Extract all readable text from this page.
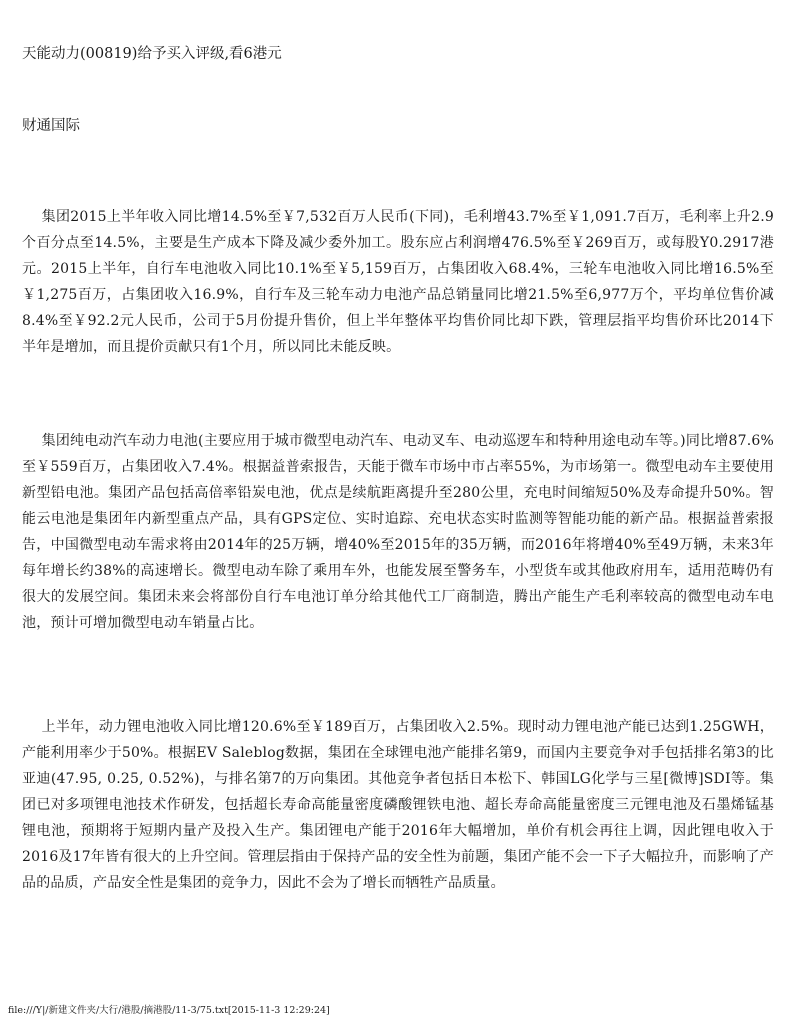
天能动力(00819)给予买入评级,看6港元
财通国际

集团2015上半年收入同比增14.5%至￥7,532百万人民币(下同)，毛利增43.7%至￥1,091.7百万，毛利率上升2.9个百分点至14.5%，主要是生产成本下降及减少委外加工。股东应占利润增476.5%至￥269百万，或每股Y0.2917港元。2015上半年，自行车电池收入同比10.1%至￥5,159百万，占集团收入68.4%，三轮车电池收入同比增16.5%至￥1,275百万，占集团收入16.9%，自行车及三轮车动力电池产品总销量同比增21.5%至6,977万个，平均单位售价减8.4%至￥92.2元人民币，公司于5月份提升售价，但上半年整体平均售价同比却下跌，管理层指平均售价环比2014下半年是增加，而且提价贡献只有1个月，所以同比未能反映。

集团纯电动汽车动力电池(主要应用于城市微型电动汽车、电动叉车、电动巡逻车和特种用途电动车等。)同比增87.6%至￥559百万，占集团收入7.4%。根据益普索报告，天能于微车市场中市占率55%，为市场第一。微型电动车主要使用新型铅电池。集团产品包括高倍率铅炭电池，优点是续航距离提升至280公里，充电时间缩短50%及寿命提升50%。智能云电池是集团年内新型重点产品，具有GPS定位、实时追踪、充电状态实时监测等智能功能的新产品。根据益普索报告，中国微型电动车需求将由2014年的25万辆，增40%至2015年的35万辆，而2016年将增40%至49万辆，未来3年每年增长约38%的高速增长。微型电动车除了乘用车外，也能发展至警务车，小型货车或其他政府用车，适用范畴仍有很大的发展空间。集团未来会将部份自行车电池订单分给其他代工厂商制造，腾出产能生产毛利率较高的微型电动车电池，预计可增加微型电动车销量占比。

上半年，动力锂电池收入同比增120.6%至￥189百万，占集团收入2.5%。现时动力锂电池产能已达到1.25GWH，产能利用率少于50%。根据EV Saleblog数据，集团在全球锂电池产能排名第9，而国内主要竞争对手包括排名第3的比亚迪(47.95, 0.25, 0.52%)，与排名第7的万向集团。其他竞争者包括日本松下、韩国LG化学与三星[微博]SDI等。集团已对多项锂电池技术作研发，包括超长寿命高能量密度磷酸锂铁电池、超长寿命高能量密度三元锂电池及石墨烯锰基锂电池，预期将于短期内量产及投入生产。集团锂电产能于2016年大幅增加，单价有机会再往上调，因此锂电收入于2016及17年皆有很大的上升空间。管理层指由于保持产品的安全性为前题，集团产能不会一下子大幅拉升，而影响了产品的品质，产品安全性是集团的竞争力，因此不会为了增长而牺牲产品质量。

file:///Y|/新建文件夹/大行/港股/摘港股/11-3/75.txt[2015-11-3 12:29:24]
